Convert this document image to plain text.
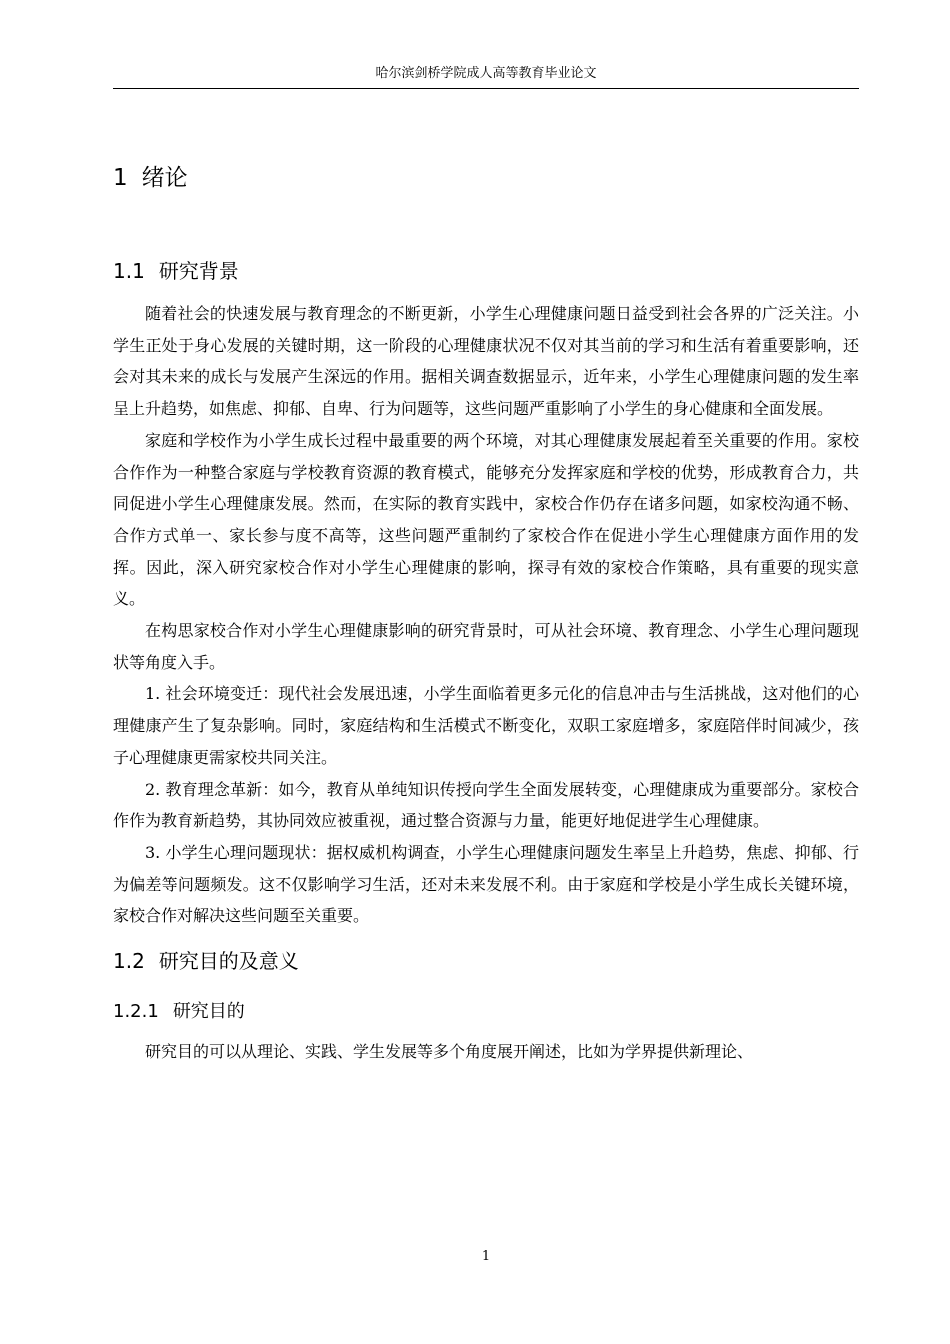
哈尔滨剑桥学院成人高等教育毕业论文
1 绪论
1.1 研究背景

随着社会的快速发展与教育理念的不断更新，小学生心理健康问题日益受到社会各界的广泛关注。小学生正处于身心发展的关键时期，这一阶段的心理健康状况不仅对其当前的学习和生活有着重要影响，还会对其未来的成长与发展产生深远的作用。据相关调查数据显示，近年来，小学生心理健康问题的发生率呈上升趋势，如焦虑、抑郁、自卑、行为问题等，这些问题严重影响了小学生的身心健康和全面发展。

家庭和学校作为小学生成长过程中最重要的两个环境，对其心理健康发展起着至关重要的作用。家校合作作为一种整合家庭与学校教育资源的教育模式，能够充分发挥家庭和学校的优势，形成教育合力，共同促进小学生心理健康发展。然而，在实际的教育实践中，家校合作仍存在诸多问题，如家校沟通不畅、合作方式单一、家长参与度不高等，这些问题严重制约了家校合作在促进小学生心理健康方面作用的发挥。因此，深入研究家校合作对小学生心理健康的影响，探寻有效的家校合作策略，具有重要的现实意义。

在构思家校合作对小学生心理健康影响的研究背景时，可从社会环境、教育理念、小学生心理问题现状等角度入手。

1. 社会环境变迁：现代社会发展迅速，小学生面临着更多元化的信息冲击与生活挑战，这对他们的心理健康产生了复杂影响。同时，家庭结构和生活模式不断变化，双职工家庭增多，家庭陪伴时间减少，孩子心理健康更需家校共同关注。

2. 教育理念革新：如今，教育从单纯知识传授向学生全面发展转变，心理健康成为重要部分。家校合作作为教育新趋势，其协同效应被重视，通过整合资源与力量，能更好地促进学生心理健康。

3. 小学生心理问题现状：据权威机构调查，小学生心理健康问题发生率呈上升趋势，焦虑、抑郁、行为偏差等问题频发。这不仅影响学习生活，还对未来发展不利。由于家庭和学校是小学生成长关键环境，家校合作对解决这些问题至关重要。

1.2 研究目的及意义
1.2.1 研究目的

研究目的可以从理论、实践、学生发展等多个角度展开阐述，比如为学界提供新理论、

1
